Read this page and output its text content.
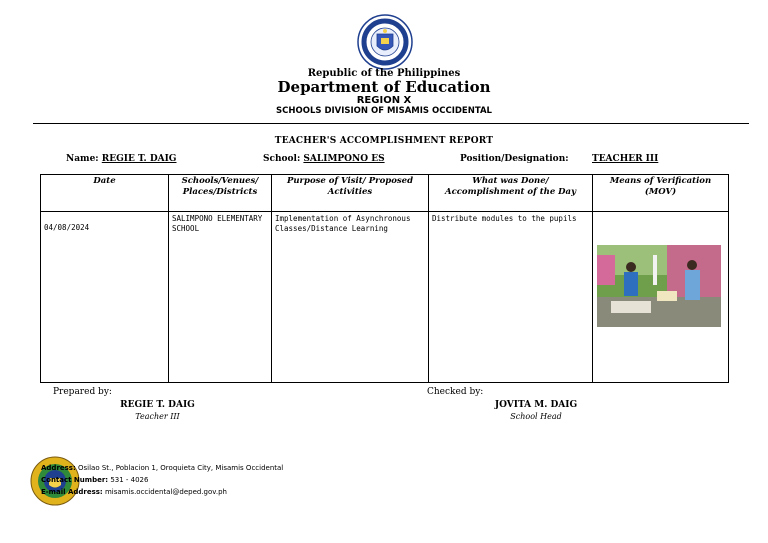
Republic of the Philippines
Department of Education
REGION X
SCHOOLS DIVISION OF MISAMIS OCCIDENTAL
TEACHER'S ACCOMPLISHMENT REPORT
Name: REGIE T. DAIG	School: SALIMPONO ES	Position/Designation:	TEACHER III
Date	Schools/Venues/ Places/Districts	Purpose of Visit/ Proposed Activities	What was Done/ Accomplishment of the Day	Means of Verification (MOV)

04/08/2024	SALIMPONO ELEMENTARY SCHOOL	Implementation of Asynchronous Classes/Distance Learning	Distribute modules to the pupils	
Prepared by:
REGIE T. DAIG
Teacher III
Checked by:
JOVITA M. DAIG
School Head
Address: Osilao St., Poblacion 1, Oroquieta City, Misamis Occidental
Contact Number: 531 - 4026
E-mail Address: misamis.occidental@deped.gov.ph
